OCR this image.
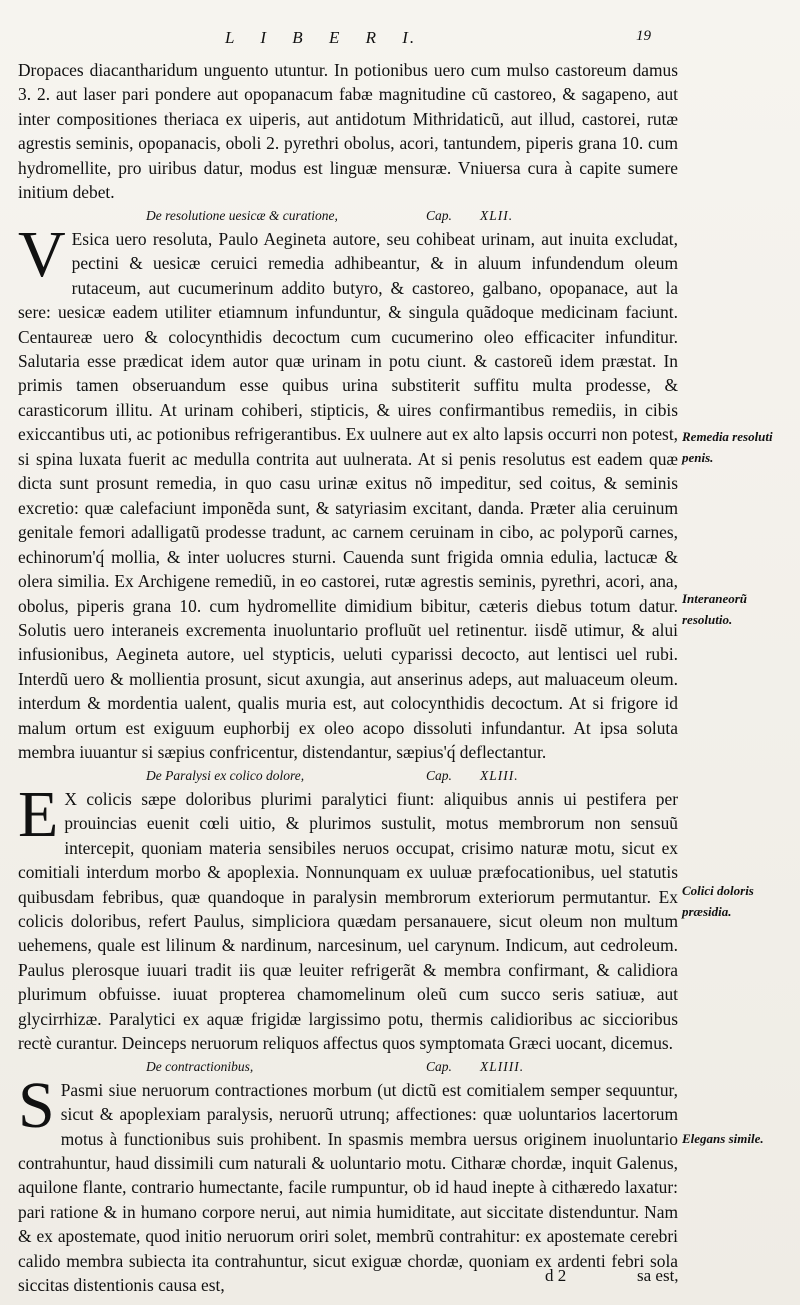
L I B E R I.	19

Dropaces diacantharidum unguento utuntur. In potionibus uero cum mulso castoreum damus 3. 2. aut laser pari pondere aut opopanacum fabæ magnitudine cũ castoreo, & sagapeno, aut inter compositiones theriaca ex uiperis, aut antidotum Mithridaticũ, aut illud, castorei, rutæ agrestis seminis, opopanacis, oboli 2. pyrethri obolus, acori, tantundem, piperis grana 10. cum hydromellite, pro uiribus datur, modus est linguæ mensuræ. Vniuersa cura à capite sumere initium debet.

De resolutione uesicæ & curatione,	Cap. XLII.

V Esica uero resoluta, Paulo Aegineta autore, seu cohibeat urinam, aut inuita excludat, pectini & uesicæ ceruici remedia adhibeantur, & in aluum infundendum oleum rutaceum, aut cucumerinum addito butyro, & castoreo, galbano, opopanace, aut la sere: uesicæ eadem utiliter etiamnum infunduntur, & singula quãdoque medicinam faciunt. Centaureæ uero & colocynthidis decoctum cum cucumerino oleo efficaciter infunditur. Salutaria esse prædicat idem autor quæ urinam in potu ciunt. & castoreũ idem præstat. In primis tamen obseruandum esse quibus urina substiterit suffitu multa prodesse, & carasticorum illitu. At urinam cohiberi, stipticis, & uires confirmantibus remediis, in cibis exiccantibus uti, ac potionibus refrigerantibus. Ex uulnere aut ex alto lapsis occurri non potest, si spina luxata fuerit ac medulla contrita aut uulnerata. At si penis resolutus est eadem quæ dicta sunt prosunt remedia, in quo casu urinæ exitus nõ impeditur, sed coitus, & seminis excretio: quæ calefaciunt imponẽda sunt, & satyriasim excitant, danda. Præter alia ceruinum genitale femori adalligatũ prodesse tradunt, ac carnem ceruinam in cibo, ac polyporũ carnes, echinorum'q́ mollia, & inter uolucres sturni. Cauenda sunt frigida omnia edulia, lactucæ & olera similia. Ex Archigene remediũ, in eo castorei, rutæ agrestis seminis, pyrethri, acori, ana, obolus, piperis grana 10. cum hydromellite dimidium bibitur, cæteris diebus totum datur. Solutis uero interaneis excrementa inuoluntario profluũt uel retinentur. iisdẽ utimur, & alui infusionibus, Aegineta autore, uel stypticis, ueluti cyparissi decocto, aut lentisci uel rubi. Interdũ uero & mollientia prosunt, sicut axungia, aut anserinus adeps, aut maluaceum oleum. interdum & mordentia ualent, qualis muria est, aut colocynthidis decoctum. At si frigore id malum ortum est exiguum euphorbij ex oleo acopo dissoluti infundantur. At ipsa soluta membra iuuantur si sæpius confricentur, distendantur, sæpius'q́ deflectantur.

De Paralysi ex colico dolore,	Cap. XLIII.

E X colicis sæpe doloribus plurimi paralytici fiunt: aliquibus annis ui pestifera per prouincias euenit cœli uitio, & plurimos sustulit, motus membrorum non sensuũ intercepit, quoniam materia sensibiles neruos occupat, crisimo naturæ motu, sicut ex comitiali interdum morbo & apoplexia. Nonnunquam ex uuluæ præfocationibus, uel statutis quibusdam febribus, quæ quandoque in paralysin membrorum exteriorum permutantur. Ex colicis doloribus, refert Paulus, simpliciora quædam persanauere, sicut oleum non multum uehemens, quale est lilinum & nardinum, narcesinum, uel carynum. Indicum, aut cedroleum. Paulus plerosque iuuari tradit iis quæ leuiter refrigerãt & membra confirmant, & calidiora plurimum obfuisse. iuuat propterea chamomelinum oleũ cum succo seris satiuæ, aut glycirrhizæ. Paralytici ex aquæ frigidæ largissimo potu, thermis calidioribus ac siccioribus rectè curantur. Deinceps neruorum reliquos affectus quos symptomata Græci uocant, dicemus.

De contractionibus,	Cap. XLIIII.

S Pasmi siue neruorum contractiones morbum (ut dictũ est comitialem semper sequuntur, sicut & apoplexiam paralysis, neruorũ utrunq; affectiones: quæ uoluntarios lacertorum motus à functionibus suis prohibent. In spasmis membra uersus originem inuoluntario contrahuntur, haud dissimili cum naturali & uoluntario motu. Citharæ chordæ, inquit Galenus, aquilone flante, contrario humectante, facile rumpuntur, ob id haud inepte à cithæredo laxatur: pari ratione & in humano corpore nerui, aut nimia humiditate, aut siccitate distenduntur. Nam & ex apostemate, quod initio neruorum oriri solet, membrũ contrahitur: ex apostemate cerebri calido membra subiecta ita contrahuntur, sicut exiguæ chordæ, quoniam ex ardenti febri sola siccitas distentionis causa est,

Remedia resoluti penis.
Interaneorũ resolutio.
Colici doloris præsidia.
Elegans simile.
d 2	sa est,
